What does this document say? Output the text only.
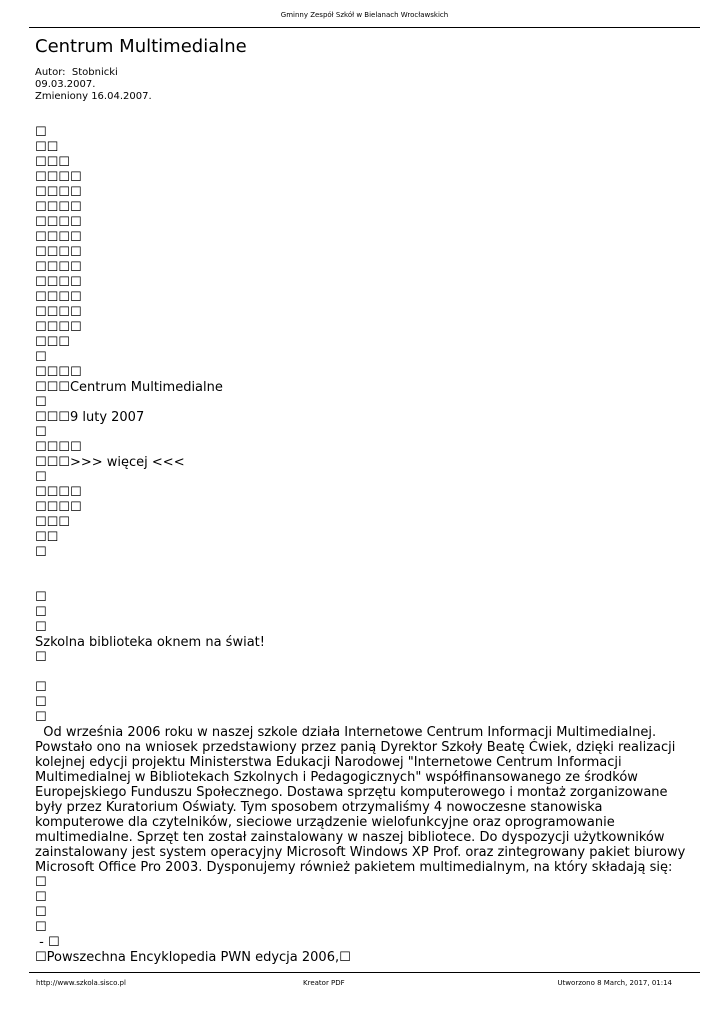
Gminny Zespół Szkół w Bielanach Wrocławskich
Centrum Multimedialne
Autor:  Stobnicki
09.03.2007.
Zmieniony 16.04.2007.
☐
☐☐
☐☐☐
☐☐☐☐
☐☐☐☐
☐☐☐☐
☐☐☐☐
☐☐☐☐
☐☐☐☐
☐☐☐☐
☐☐☐☐
☐☐☐☐
☐☐☐☐
☐☐☐☐
☐☐☐
☐
☐☐☐☐
☐☐☐Centrum Multimedialne
☐
☐☐☐9 luty 2007
☐
☐☐☐☐
☐☐☐>>> więcej <<<
☐
☐☐☐☐
☐☐☐☐
☐☐☐
☐☐
☐
☐
☐
☐
Szkolna biblioteka oknem na świat!
☐
☐
☐
☐
Od września 2006 roku w naszej szkole działa Internetowe Centrum Informacji Multimedialnej. Powstało ono na wniosek przedstawiony przez panią Dyrektor Szkoły Beatę Ćwiek, dzięki realizacji kolejnej edycji projektu Ministerstwa Edukacji Narodowej "Internetowe Centrum Informacji Multimedialnej w Bibliotekach Szkolnych i Pedagogicznych" współfinansowanego ze środków Europejskiego Funduszu Społecznego. Dostawa sprzętu komputerowego i montaż zorganizowane były przez Kuratorium Oświaty. Tym sposobem otrzymaliśmy 4 nowoczesne stanowiska komputerowe dla czytelników, sieciowe urządzenie wielofunkcyjne oraz oprogramowanie multimedialne. Sprzęt ten został zainstalowany w naszej bibliotece. Do dyspozycji użytkowników zainstalowany jest system operacyjny Microsoft Windows XP Prof. oraz zintegrowany pakiet biurowy Microsoft Office Pro 2003. Dysponujemy również pakietem multimedialnym, na który składają się:
☐
☐
☐
☐
- ☐
☐Powszechna Encyklopedia PWN edycja 2006,☐
http://www.szkola.sisco.pl	Kreator PDF	Utworzono 8 March, 2017, 01:14
